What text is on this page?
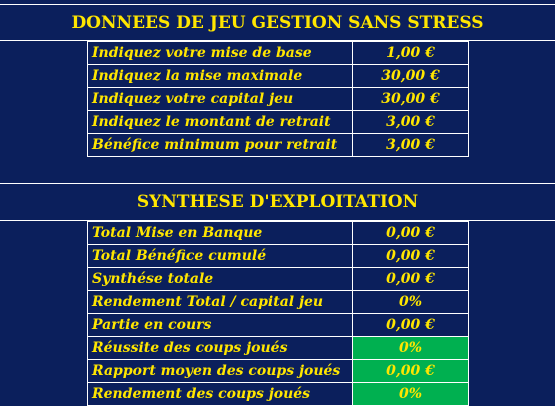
DONNEES DE JEU GESTION SANS STRESS
Indiquez votre mise de base	1,00 €
Indiquez la mise maximale	30,00 €
Indiquez votre capital jeu	30,00 €
Indiquez le montant de retrait	3,00 €
Bénéfice minimum pour retrait	3,00 €
SYNTHESE D'EXPLOITATION
Total Mise en Banque	0,00 €
Total Bénéfice cumulé	0,00 €
Synthése totale	0,00 €
Rendement Total / capital jeu	0%
Partie en cours	0,00 €
Réussite des coups joués	0%
Rapport moyen des coups joués	0,00 €
Rendement des coups joués	0%
